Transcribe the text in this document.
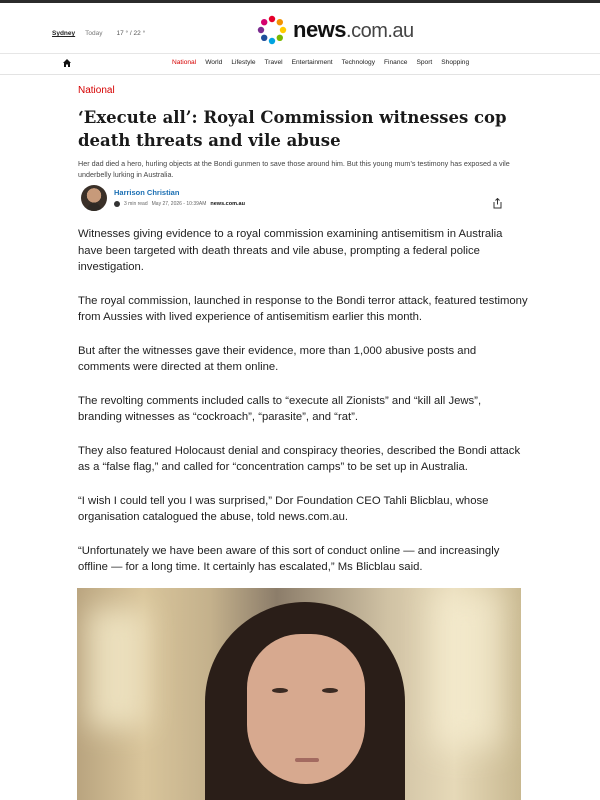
Sydney Today 17 ° / 22 °	news.com.au
National World Lifestyle Travel Entertainment Technology Finance Sport Shopping
National
‘Execute all’: Royal Commission witnesses cop death threats and vile abuse

Her dad died a hero, hurling objects at the Bondi gunmen to save those around him. But this young mum’s testimony has exposed a vile underbelly lurking in Australia.

Harrison Christian
3 min read May 27, 2026 - 10:39AM news.com.au

Witnesses giving evidence to a royal commission examining antisemitism in Australia have been targeted with death threats and vile abuse, prompting a federal police investigation.

The royal commission, launched in response to the Bondi terror attack, featured testimony from Aussies with lived experience of antisemitism earlier this month.

But after the witnesses gave their evidence, more than 1,000 abusive posts and comments were directed at them online.

The revolting comments included calls to “execute all Zionists” and “kill all Jews”, branding witnesses as “cockroach”, “parasite”, and “rat”.

They also featured Holocaust denial and conspiracy theories, described the Bondi attack as a “false flag,” and called for “concentration camps” to be set up in Australia.

“I wish I could tell you I was surprised,” Dor Foundation CEO Tahli Blicblau, whose organisation catalogued the abuse, told news.com.au.

“Unfortunately we have been aware of this sort of conduct online — and increasingly offline — for a long time. It certainly has escalated,” Ms Blicblau said.
